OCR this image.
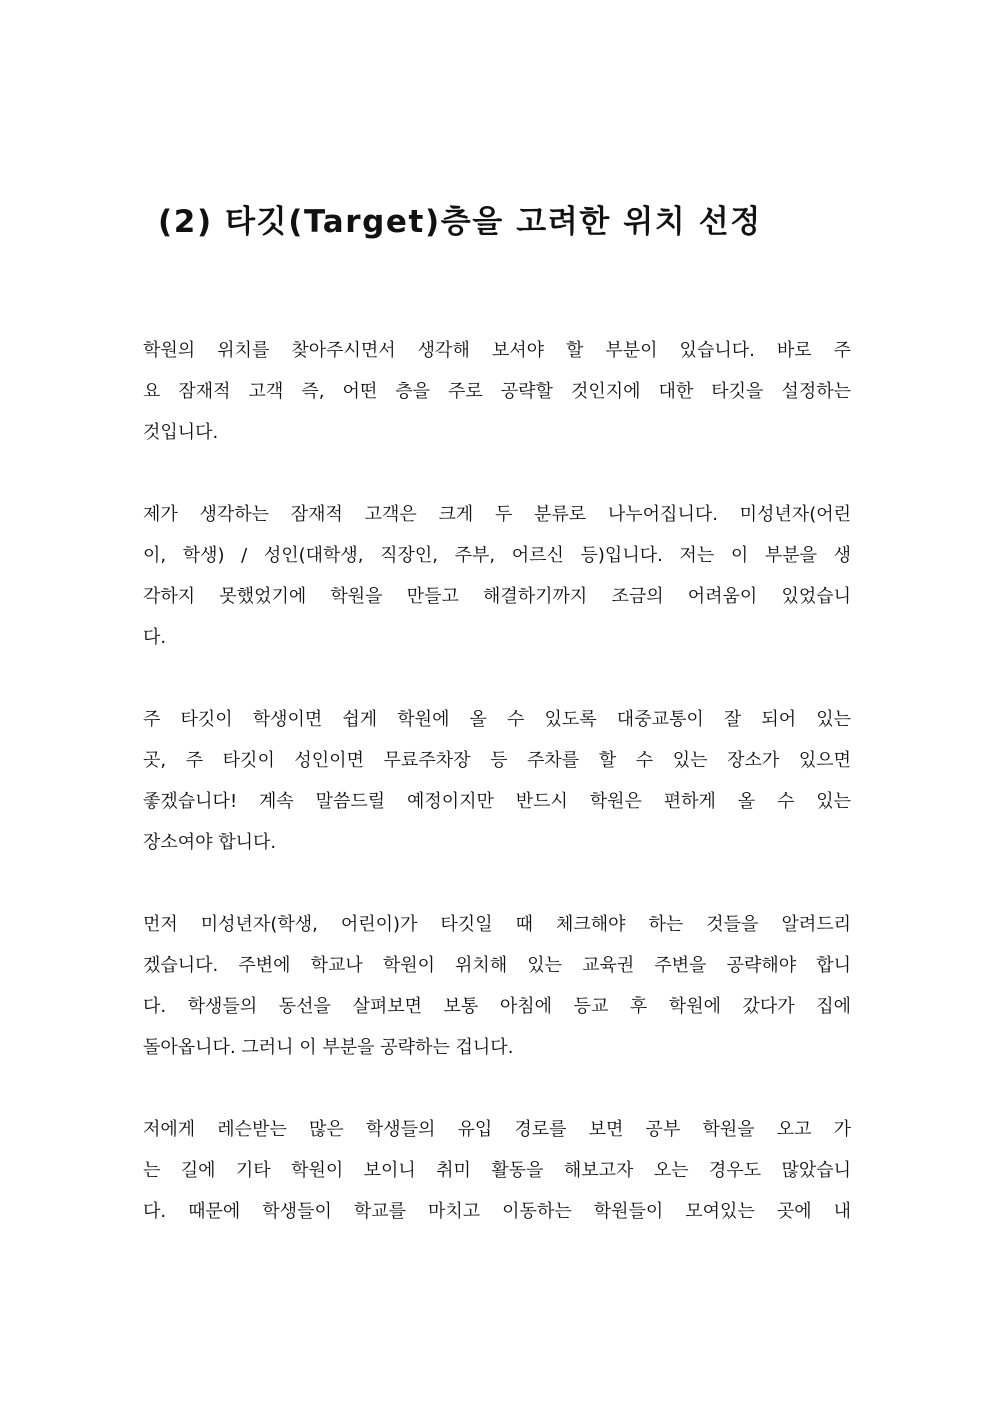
(2) 타깃(Target)층을 고려한 위치 선정

학원의 위치를 찾아주시면서 생각해 보셔야 할 부분이 있습니다. 바로 주
요 잠재적 고객 즉, 어떤 층을 주로 공략할 것인지에 대한 타깃을 설정하는
것입니다.

제가 생각하는 잠재적 고객은 크게 두 분류로 나누어집니다. 미성년자(어린
이, 학생) / 성인(대학생, 직장인, 주부, 어르신 등)입니다. 저는 이 부분을 생
각하지 못했었기에 학원을 만들고 해결하기까지 조금의 어려움이 있었습니
다.

주 타깃이 학생이면 쉽게 학원에 올 수 있도록 대중교통이 잘 되어 있는
곳, 주 타깃이 성인이면 무료주차장 등 주차를 할 수 있는 장소가 있으면
좋겠습니다! 계속 말씀드릴 예정이지만 반드시 학원은 편하게 올 수 있는
장소여야 합니다.

먼저 미성년자(학생, 어린이)가 타깃일 때 체크해야 하는 것들을 알려드리
겠습니다. 주변에 학교나 학원이 위치해 있는 교육권 주변을 공략해야 합니
다. 학생들의 동선을 살펴보면 보통 아침에 등교 후 학원에 갔다가 집에
돌아옵니다. 그러니 이 부분을 공략하는 겁니다.

저에게 레슨받는 많은 학생들의 유입 경로를 보면 공부 학원을 오고 가
는 길에 기타 학원이 보이니 취미 활동을 해보고자 오는 경우도 많았습니
다. 때문에 학생들이 학교를 마치고 이동하는 학원들이 모여있는 곳에 내
